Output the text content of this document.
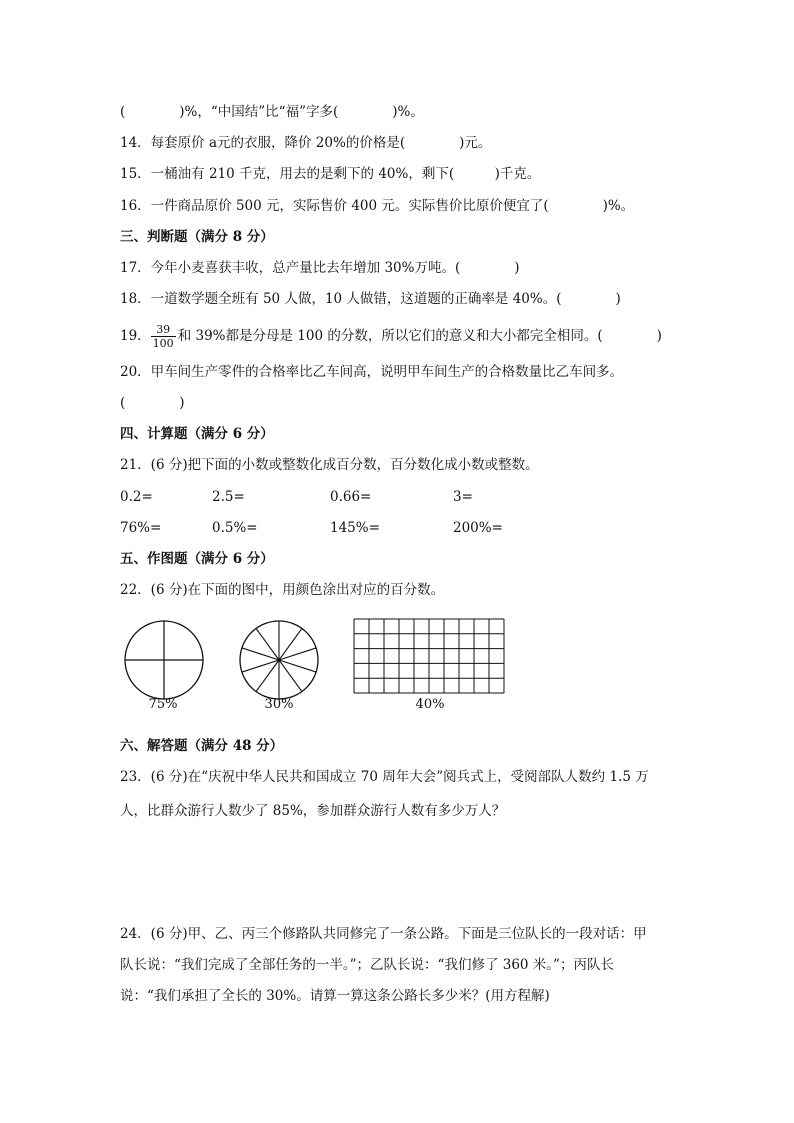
(　　　　)%，“中国结”比“福”字多(　　　　)%。
14．每套原价 a元的衣服，降价 20%的价格是(　　　　)元。
15．一桶油有 210 千克，用去的是剩下的 40%，剩下(　　　)千克。
16．一件商品原价 500 元，实际售价 400 元。实际售价比原价便宜了(　　　　)%。
三、判断题（满分 8 分）
17．今年小麦喜获丰收，总产量比去年增加 30%万吨。(　　　　)
18．一道数学题全班有 50 人做，10 人做错，这道题的正确率是 40%。(　　　　)
19． $\frac{39}{100}$ 和 39%都是分母是 100 的分数，所以它们的意义和大小都完全相同。(　　　　)
20．甲车间生产零件的合格率比乙车间高，说明甲车间生产的合格数量比乙车间多。
(　　　　)
四、计算题（满分 6 分）
21．(6 分)把下面的小数或整数化成百分数，百分数化成小数或整数。
0.2=	2.5=	0.66=	3=
76%=	0.5%=	145%=	200%=
五、作图题（满分 6 分）
22．(6 分)在下面的图中，用颜色涂出对应的百分数。
75%	30%	40%
六、解答题（满分 48 分）
23．(6 分)在“庆祝中华人民共和国成立 70 周年大会”阅兵式上，受阅部队人数约 1.5 万
人，比群众游行人数少了 85%，参加群众游行人数有多少万人？
24．(6 分)甲、乙、丙三个修路队共同修完了一条公路。下面是三位队长的一段对话：甲
队长说：“我们完成了全部任务的一半。”；乙队长说：“我们修了 360 米。”；丙队长
说：“我们承担了全长的 30%。请算一算这条公路长多少米？(用方程解)
